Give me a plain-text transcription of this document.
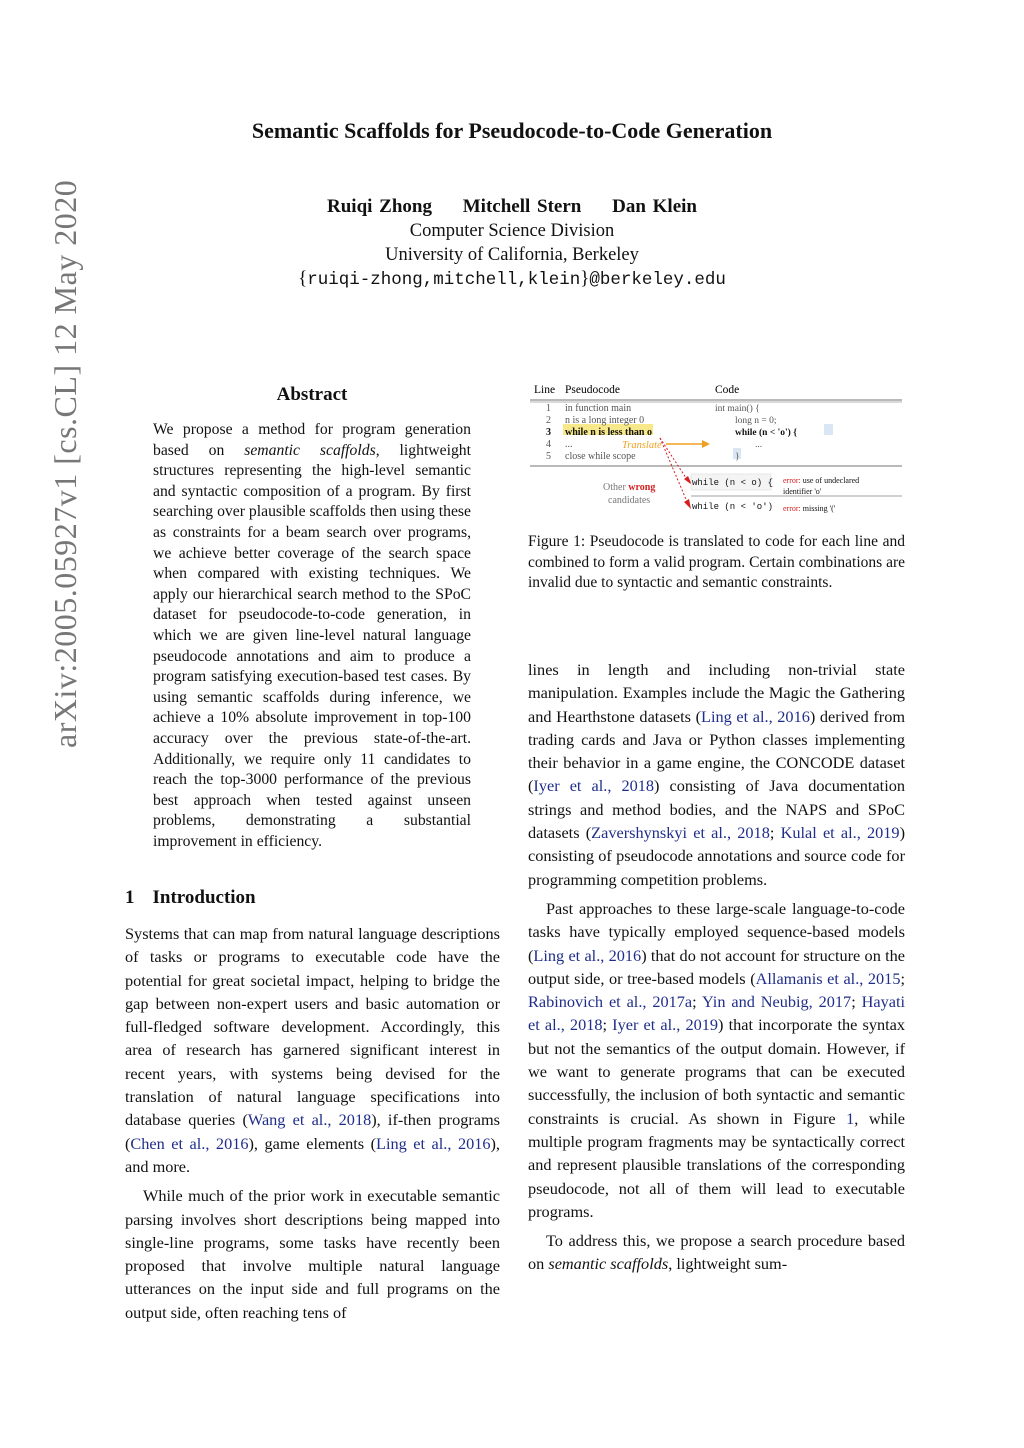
Semantic Scaffolds for Pseudocode-to-Code Generation
Ruiqi Zhong Mitchell Stern Dan Klein
Computer Science Division
University of California, Berkeley
{ruiqi-zhong,mitchell,klein}@berkeley.edu
arXiv:2005.05927v1 [cs.CL] 12 May 2020	Abstract
We propose a method for program generation based on semantic scaffolds, lightweight structures representing the high-level semantic and syntactic composition of a program. By first searching over plausible scaffolds then using these as constraints for a beam search over programs, we achieve better coverage of the search space when compared with existing techniques. We apply our hierarchical search method to the SPoC dataset for pseudocode-to-code generation, in which we are given line-level natural language pseudocode annotations and aim to produce a program satisfying execution-based test cases. By using semantic scaffolds during inference, we achieve a 10% absolute improvement in top-100 accuracy over the previous state-of-the-art. Additionally, we require only 11 candidates to reach the top-3000 performance of the previous best approach when tested against unseen problems, demonstrating a substantial improvement in efficiency.
1 Introduction

Systems that can map from natural language descriptions of tasks or programs to executable code have the potential for great societal impact, helping to bridge the gap between non-expert users and basic automation or full-fledged software development. Accordingly, this area of research has garnered significant interest in recent years, with systems being devised for the translation of natural language specifications into database queries (Wang et al., 2018), if-then programs (Chen et al., 2016), game elements (Ling et al., 2016), and more.

While much of the prior work in executable semantic parsing involves short descriptions being mapped into single-line programs, some tasks have recently been proposed that involve multiple natural language utterances on the input side and full programs on the output side, often reaching tens of

Line Pseudocode	Code
1 in function main
2 n is a long integer 0
3 while n is less than o
4 ...
5 close while scope
int main() {
long n = 0;
while (n < 'o') {
...
}
Translate
Other wrong
candidates
while (n < o) {
while (n < 'o')
error: use of undeclared
identifier 'o'
error: missing '('
Figure 1: Pseudocode is translated to code for each line and combined to form a valid program. Certain combinations are invalid due to syntactic and semantic constraints.

lines in length and including non-trivial state manipulation. Examples include the Magic the Gathering and Hearthstone datasets (Ling et al., 2016) derived from trading cards and Java or Python classes implementing their behavior in a game engine, the CONCODE dataset (Iyer et al., 2018) consisting of Java documentation strings and method bodies, and the NAPS and SPoC datasets (Zavershynskyi et al., 2018; Kulal et al., 2019) consisting of pseudocode annotations and source code for programming competition problems.

Past approaches to these large-scale language-to-code tasks have typically employed sequence-based models (Ling et al., 2016) that do not account for structure on the output side, or tree-based models (Allamanis et al., 2015; Rabinovich et al., 2017a; Yin and Neubig, 2017; Hayati et al., 2018; Iyer et al., 2019) that incorporate the syntax but not the semantics of the output domain. However, if we want to generate programs that can be executed successfully, the inclusion of both syntactic and semantic constraints is crucial. As shown in Figure 1, while multiple program fragments may be syntactically correct and represent plausible translations of the corresponding pseudocode, not all of them will lead to executable programs.

To address this, we propose a search procedure based on semantic scaffolds, lightweight sum-
